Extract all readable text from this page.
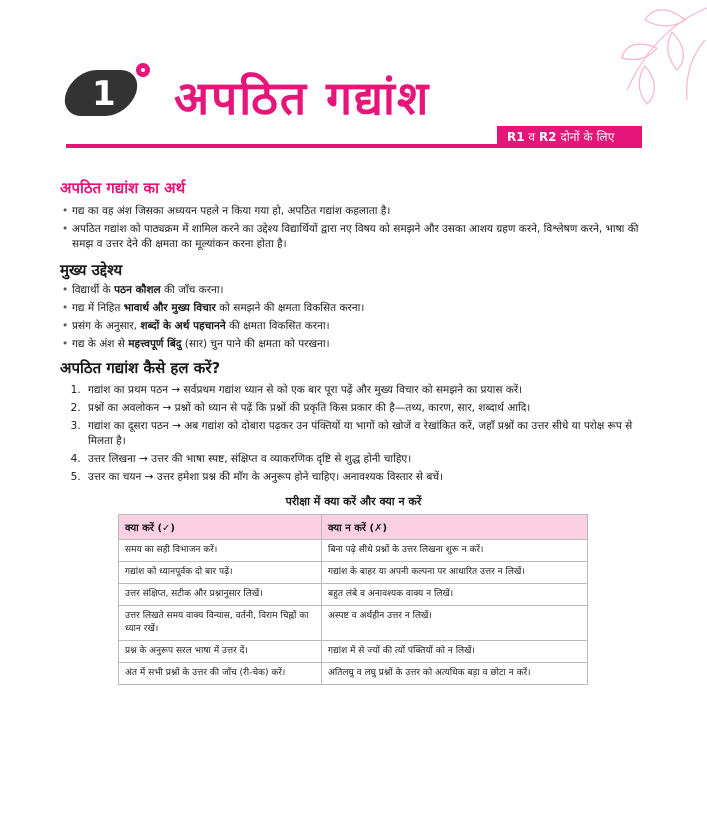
1 अपठित गद्यांश
R1 व R2 दोनों के लिए
अपठित गद्यांश का अर्थ
• गद्य का वह अंश जिसका अध्ययन पहले न किया गया हो, अपठित गद्यांश कहलाता है।
• अपठित गद्यांश को पाठ्यक्रम में शामिल करने का उद्देश्य विद्यार्थियों द्वारा नए विषय को समझने और उसका आशय ग्रहण करने, विश्लेषण करने, भाषा की समझ व उत्तर देने की क्षमता का मूल्यांकन करना होता है।
मुख्य उद्देश्य
• विद्यार्थी के पठन कौशल की जाँच करना।
• गद्य में निहित भावार्थ और मुख्य विचार को समझने की क्षमता विकसित करना।
• प्रसंग के अनुसार, शब्दों के अर्थ पहचानने की क्षमता विकसित करना।
• गद्य के अंश से महत्त्वपूर्ण बिंदु (सार) चुन पाने की क्षमता को परखना।
अपठित गद्यांश कैसे हल करें?
1. गद्यांश का प्रथम पठन → सर्वप्रथम गद्यांश ध्यान से को एक बार पूरा पढ़ें और मुख्य विचार को समझने का प्रयास करें।
2. प्रश्नों का अवलोकन → प्रश्नों को ध्यान से पढ़ें कि प्रश्नों की प्रकृति किस प्रकार की है—तथ्य, कारण, सार, शब्दार्थ आदि।
3. गद्यांश का दूसरा पठन → अब गद्यांश को दोबारा पढ़कर उन पंक्तियों या भागों को खोजें व रेखांकित करें, जहाँ प्रश्नों का उत्तर सीधे या परोक्ष रूप से मिलता है।
4. उत्तर लिखना → उत्तर की भाषा स्पष्ट, संक्षिप्त व व्याकरणिक दृष्टि से शुद्ध होनी चाहिए।
5. उत्तर का चयन → उत्तर हमेशा प्रश्न की माँग के अनुरूप होने चाहिए। अनावश्यक विस्तार से बचें।
परीक्षा में क्या करें और क्या न करें
क्या करें (✓)	क्या न करें (✗)
समय का सही विभाजन करें।	बिना पढ़े सीधे प्रश्नों के उत्तर लिखना शुरू न करें।
गद्यांश को ध्यानपूर्वक दो बार पढ़ें।	गद्यांश के बाहर या अपनी कल्पना पर आधारित उत्तर न लिखें।
उत्तर संक्षिप्त, सटीक और प्रश्नानुसार लिखें।	बहुत लंबे व अनावश्यक वाक्य न लिखें।
उत्तर लिखते समय वाक्य विन्यास, वर्तनी, विराम चिह्नों का ध्यान रखें।	अस्पष्ट व अर्थहीन उत्तर न लिखें।
प्रश्न के अनुरूप सरल भाषा में उत्तर दें।	गद्यांश में से ज्यों की त्यों पंक्तियों को न लिखें।
अंत में सभी प्रश्नों के उत्तर की जाँच (री-चेक) करें।	अतिलघु व लघु प्रश्नों के उत्तर को अत्यधिक बड़ा व छोटा न करें।
